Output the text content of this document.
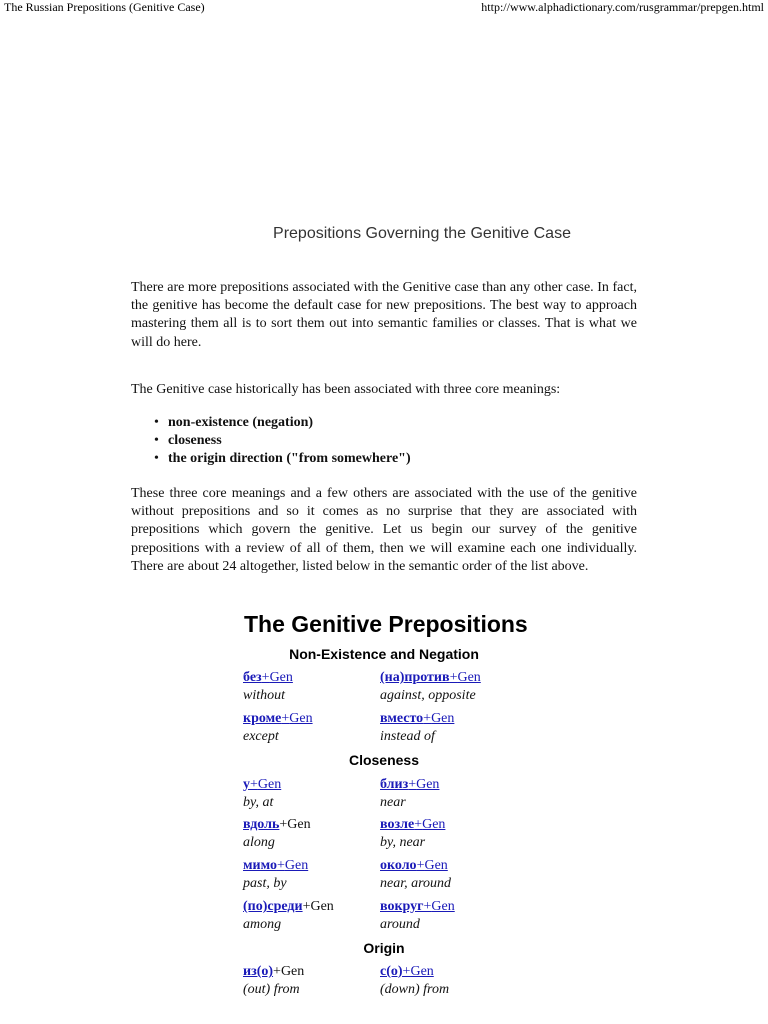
The Russian Prepositions (Genitive Case)	http://www.alphadictionary.com/rusgrammar/prepgen.html
Prepositions Governing the Genitive Case
There are more prepositions associated with the Genitive case than any other case. In fact, the genitive has become the default case for new prepositions. The best way to approach mastering them all is to sort them out into semantic families or classes. That is what we will do here.
The Genitive case historically has been associated with three core meanings:
• non-existence (negation)
• closeness
• the origin direction ("from somewhere")
These three core meanings and a few others are associated with the use of the genitive without prepositions and so it comes as no surprise that they are associated with prepositions which govern the genitive. Let us begin our survey of the genitive prepositions with a review of all of them, then we will examine each one individually. There are about 24 altogether, listed below in the semantic order of the list above.
The Genitive Prepositions
Non-Existence and Negation
без+Gen
without
(на)против+Gen
against, opposite
кроме+Gen
except
вместо+Gen
instead of
Closeness
у+Gen
by, at
близ+Gen
near
вдоль+Gen
along
возле+Gen
by, near
мимо+Gen
past, by
около+Gen
near, around
(по)среди+Gen
among
вокруг+Gen
around
Origin
из(о)+Gen
(out) from
с(о)+Gen
(down) from
